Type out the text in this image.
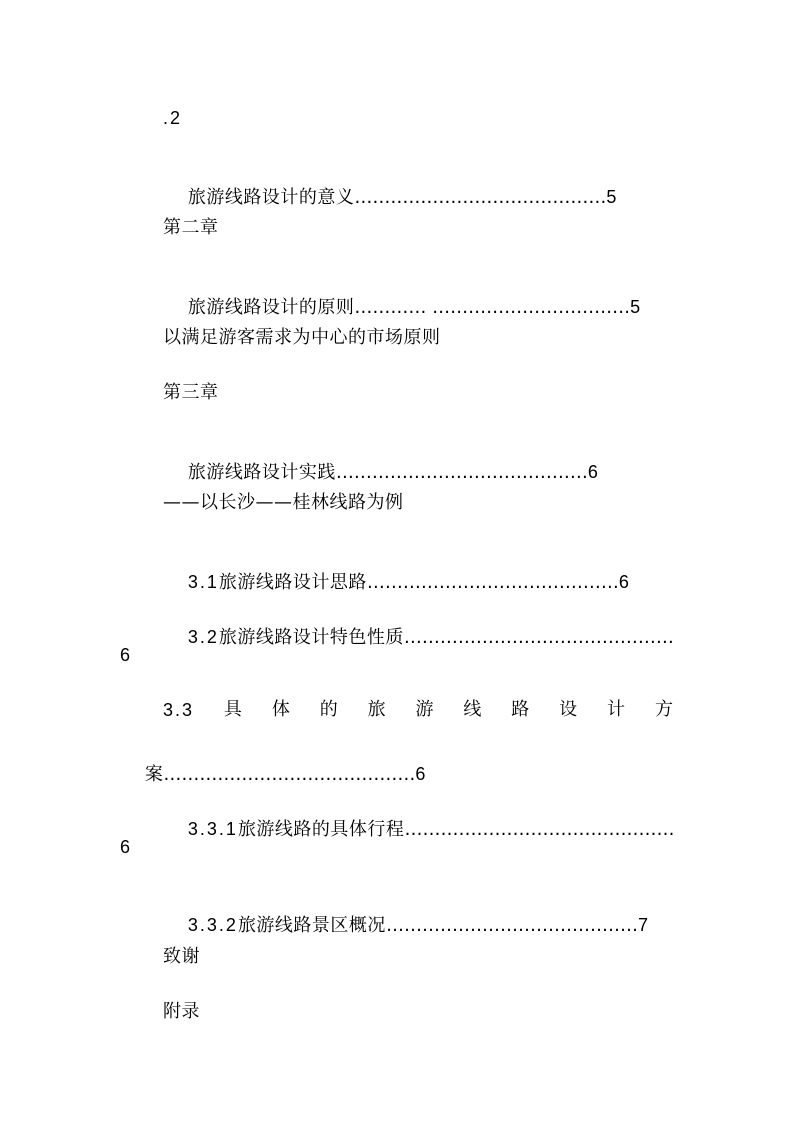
.2

旅游线路设计的意义……………………………………5

第二章

旅游线路设计的原则………… ……………………………5

以满足游客需求为中心的市场原则
第三章

旅游线路设计实践……………………………………6

——以长沙——桂林线路为例

3.1旅游线路设计思路……………………………………6

3.2旅游线路设计特色性质………………………………………

6
3.3 具 体 的 旅 游 线 路 设 计 方

案……………………………………6

3.3.1旅游线路的具体行程………………………………………

6

3.3.2旅游线路景区概况……………………………………7

致谢
附录
